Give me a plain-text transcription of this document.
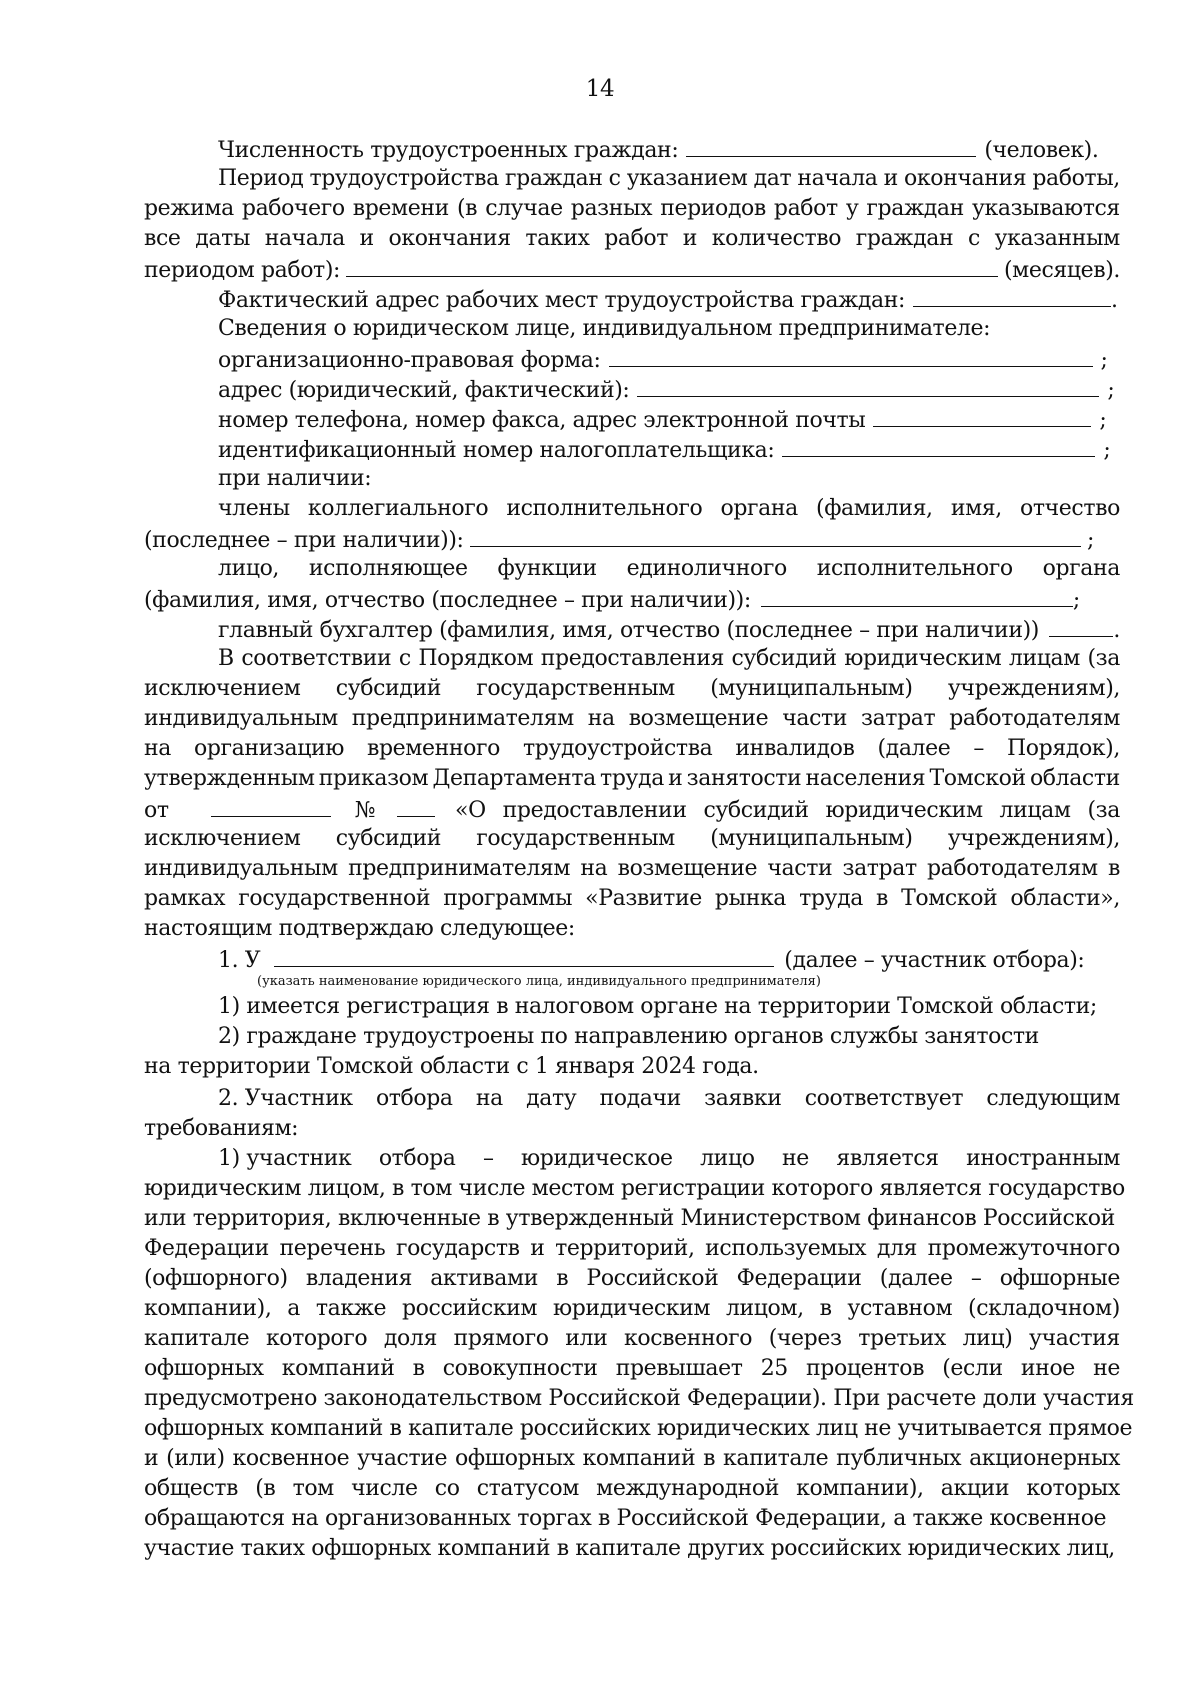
14
Численность трудоустроенных граждан:	(человек).
Период трудоустройства граждан с указанием дат начала и окончания работы,
режима рабочего времени (в случае разных периодов работ у граждан указываются
все даты начала и окончания таких работ и количество граждан с указанным
периодом работ):	(месяцев).
Фактический адрес рабочих мест трудоустройства граждан:	.
Сведения о юридическом лице, индивидуальном предпринимателе:
организационно-правовая форма:	;
адрес (юридический, фактический):	;
номер телефона, номер факса, адрес электронной почты	;
идентификационный номер налогоплательщика:	;
при наличии:
члены коллегиального исполнительного органа (фамилия, имя, отчество
(последнее – при наличии)):	;
лицо, исполняющее функции единоличного исполнительного органа
(фамилия, имя, отчество (последнее – при наличии)):	;
главный бухгалтер (фамилия, имя, отчество (последнее – при наличии))	.
В соответствии с Порядком предоставления субсидий юридическим лицам (за
исключением субсидий государственным (муниципальным) учреждениям),
индивидуальным предпринимателям на возмещение части затрат работодателям
на организацию временного трудоустройства инвалидов (далее – Порядок),
утвержденным приказом Департамента труда и занятости населения Томской области
от	№	«О предоставлении субсидий юридическим лицам (за
исключением субсидий государственным (муниципальным) учреждениям),
индивидуальным предпринимателям на возмещение части затрат работодателям в
рамках государственной программы «Развитие рынка труда в Томской области»,
настоящим подтверждаю следующее:
1. У	(далее – участник отбора):
(указать наименование юридического лица, индивидуального предпринимателя)
1) имеется регистрация в налоговом органе на территории Томской области;
2) граждане трудоустроены по направлению органов службы занятости
на территории Томской области с 1 января 2024 года.
2. Участник отбора на дату подачи заявки соответствует следующим
требованиям:
1) участник отбора – юридическое лицо не является иностранным
юридическим лицом, в том числе местом регистрации которого является государство
или территория, включенные в утвержденный Министерством финансов Российской
Федерации перечень государств и территорий, используемых для промежуточного
(офшорного) владения активами в Российской Федерации (далее – офшорные
компании), а также российским юридическим лицом, в уставном (складочном)
капитале которого доля прямого или косвенного (через третьих лиц) участия
офшорных компаний в совокупности превышает 25 процентов (если иное не
предусмотрено законодательством Российской Федерации). При расчете доли участия
офшорных компаний в капитале российских юридических лиц не учитывается прямое
и (или) косвенное участие офшорных компаний в капитале публичных акционерных
обществ (в том числе со статусом международной компании), акции которых
обращаются на организованных торгах в Российской Федерации, а также косвенное
участие таких офшорных компаний в капитале других российских юридических лиц,
